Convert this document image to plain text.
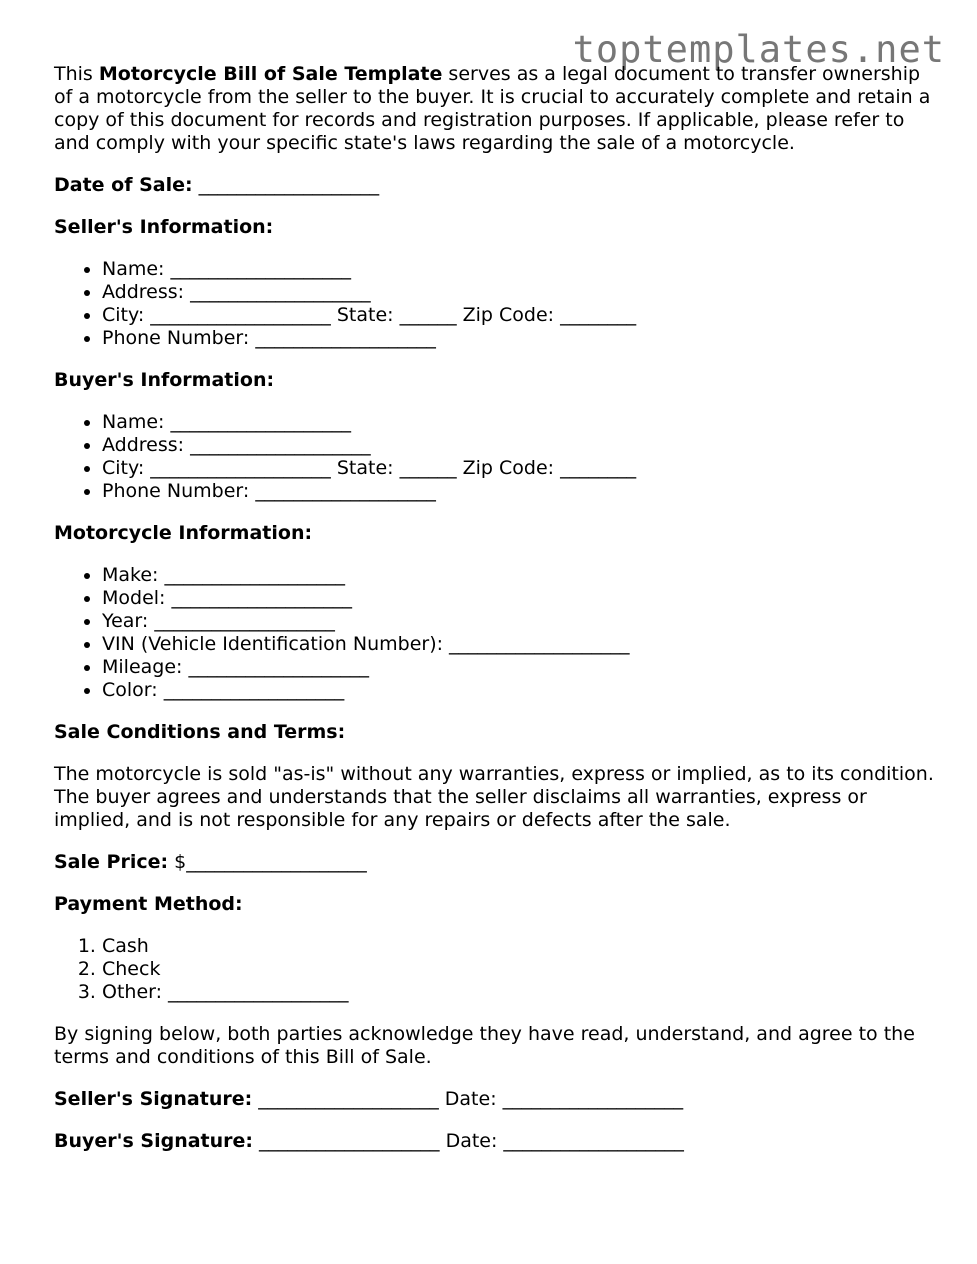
toptemplates.net

This Motorcycle Bill of Sale Template serves as a legal document to transfer ownership of a motorcycle from the seller to the buyer. It is crucial to accurately complete and retain a copy of this document for records and registration purposes. If applicable, please refer to and comply with your specific state's laws regarding the sale of a motorcycle.

Date of Sale: ___________________

Seller's Information:

• Name: ___________________
• Address: ___________________
• City: ___________________ State: ______ Zip Code: ________
• Phone Number: ___________________

Buyer's Information:

• Name: ___________________
• Address: ___________________
• City: ___________________ State: ______ Zip Code: ________
• Phone Number: ___________________

Motorcycle Information:

• Make: ___________________
• Model: ___________________
• Year: ___________________
• VIN (Vehicle Identification Number): ___________________
• Mileage: ___________________
• Color: ___________________

Sale Conditions and Terms:

The motorcycle is sold "as-is" without any warranties, express or implied, as to its condition. The buyer agrees and understands that the seller disclaims all warranties, express or implied, and is not responsible for any repairs or defects after the sale.

Sale Price: $___________________

Payment Method:

1. Cash
2. Check
3. Other: ___________________

By signing below, both parties acknowledge they have read, understand, and agree to the terms and conditions of this Bill of Sale.

Seller's Signature: ___________________ Date: ___________________

Buyer's Signature: ___________________ Date: ___________________
